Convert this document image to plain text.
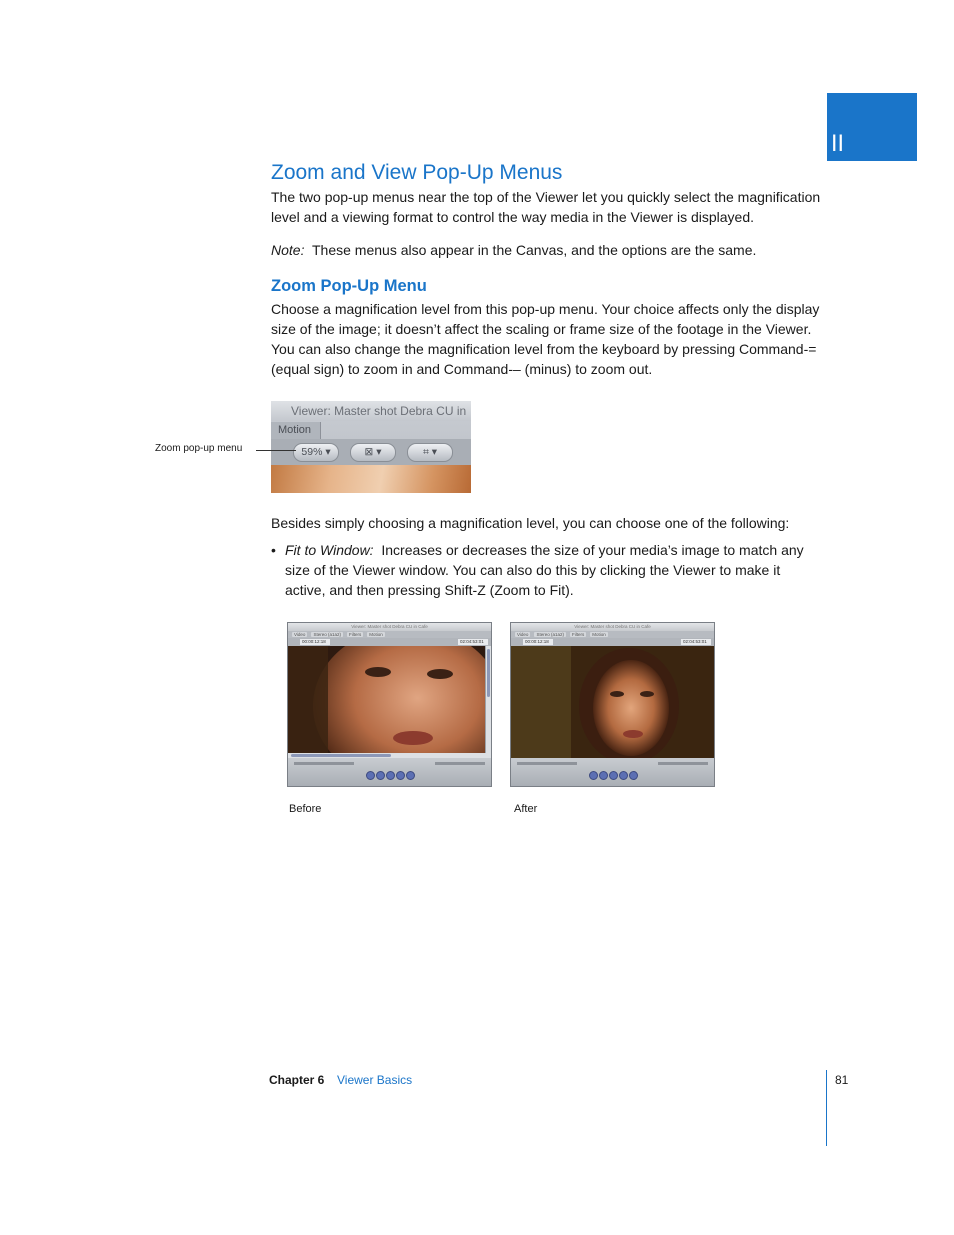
II
Zoom and View Pop-Up Menus

The two pop-up menus near the top of the Viewer let you quickly select the magnification level and a viewing format to control the way media in the Viewer is displayed.

Note: These menus also appear in the Canvas, and the options are the same.

Zoom Pop-Up Menu

Choose a magnification level from this pop-up menu. Your choice affects only the display size of the image; it doesn’t affect the scaling or frame size of the footage in the Viewer. You can also change the magnification level from the keyboard by pressing Command-= (equal sign) to zoom in and Command-– (minus) to zoom out.

Viewer: Master shot Debra CU in
Motion
59% ▾	⊠ ▾	⌗ ▾
Zoom pop-up menu

Besides simply choosing a magnification level, you can choose one of the following:

• Fit to Window: Increases or decreases the size of your media’s image to match any size of the Viewer window. You can also do this by clicking the Viewer to make it active, and then pressing Shift-Z (Zoom to Fit).
Viewer: Master shot Debra CU in Cafe
Video Stereo (a1a2) Filters Motion
00:00:12:18	02:04:53:01
Viewer: Master shot Debra CU in Cafe
Video Stereo (a1a2) Filters Motion
00:00:12:18	02:04:53:01
Before	After
Chapter 6 Viewer Basics	81
